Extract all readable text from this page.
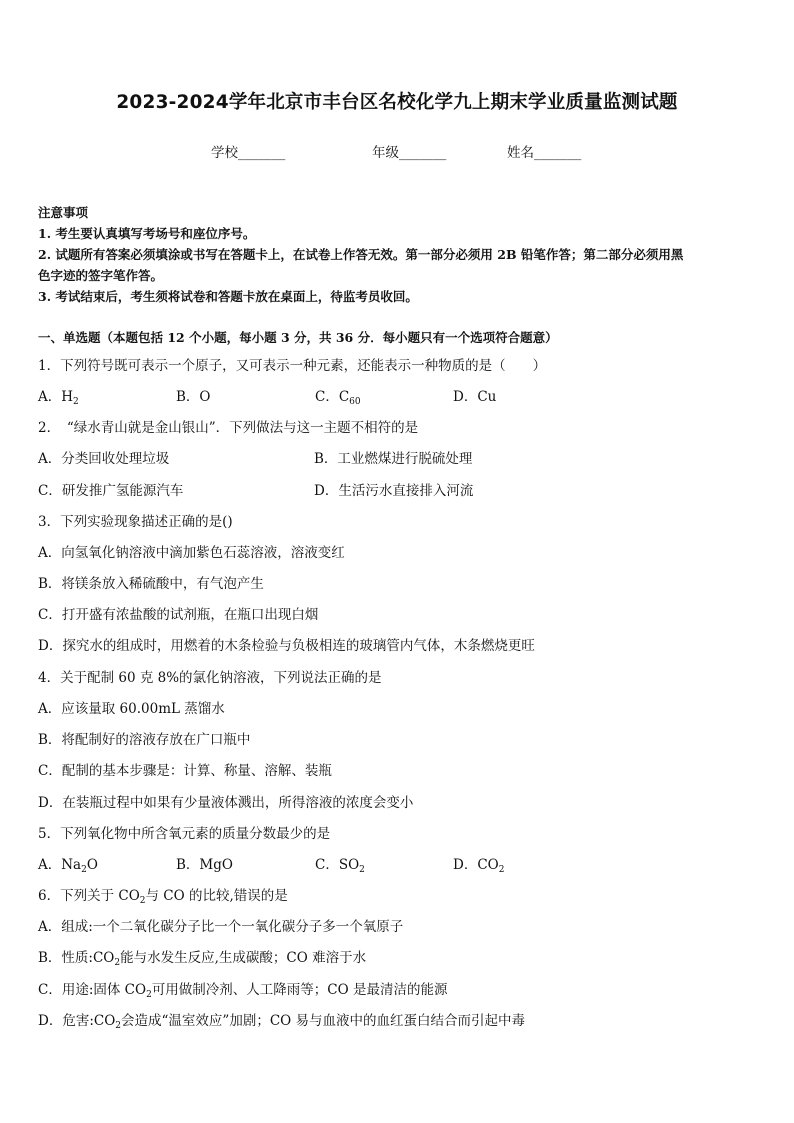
2023-2024学年北京市丰台区名校化学九上期末学业质量监测试题
学校_______	年级_______	姓名_______
注意事项
1. 考生要认真填写考场号和座位序号。
2. 试题所有答案必须填涂或书写在答题卡上，在试卷上作答无效。第一部分必须用 2B 铅笔作答；第二部分必须用黑
色字迹的签字笔作答。
3. 考试结束后，考生须将试卷和答题卡放在桌面上，待监考员收回。
一、单选题（本题包括 12 个小题，每小题 3 分，共 36 分．每小题只有一个选项符合题意）
1．下列符号既可表示一个原子，又可表示一种元素，还能表示一种物质的是（　　）
A．$H_2$	B．O	C．$C_{60}$	D．Cu
2．　“绿水青山就是金山银山”．下列做法与这一主题不相符的是
A．分类回收处理垃圾	B．工业燃煤进行脱硫处理
C．研发推广氢能源汽车	D．生活污水直接排入河流
3．下列实验现象描述正确的是()
A．向氢氧化钠溶液中滴加紫色石蕊溶液，溶液变红
B．将镁条放入稀硫酸中，有气泡产生
C．打开盛有浓盐酸的试剂瓶，在瓶口出现白烟
D．探究水的组成时，用燃着的木条检验与负极相连的玻璃管内气体，木条燃烧更旺
4．关于配制 60 克 8%的氯化钠溶液，下列说法正确的是
A．应该量取 60.00mL 蒸馏水
B．将配制好的溶液存放在广口瓶中
C．配制的基本步骤是：计算、称量、溶解、装瓶
D．在装瓶过程中如果有少量液体溅出，所得溶液的浓度会变小
5．下列氧化物中所含氧元素的质量分数最少的是
A．$Na_2O$	B．MgO	C．$SO_2$	D．$CO_2$
6．下列关于 $CO_2$与 CO 的比较,错误的是
A．组成:一个二氧化碳分子比一个一氧化碳分子多一个氧原子
B．性质$:CO_2$能与水发生反应,生成碳酸；CO 难溶于水
C．用途:固体 $CO_2$可用做制冷剂、人工降雨等；CO 是最清洁的能源
D．危害$:CO_2$会造成“温室效应”加剧；CO 易与血液中的血红蛋白结合而引起中毒
